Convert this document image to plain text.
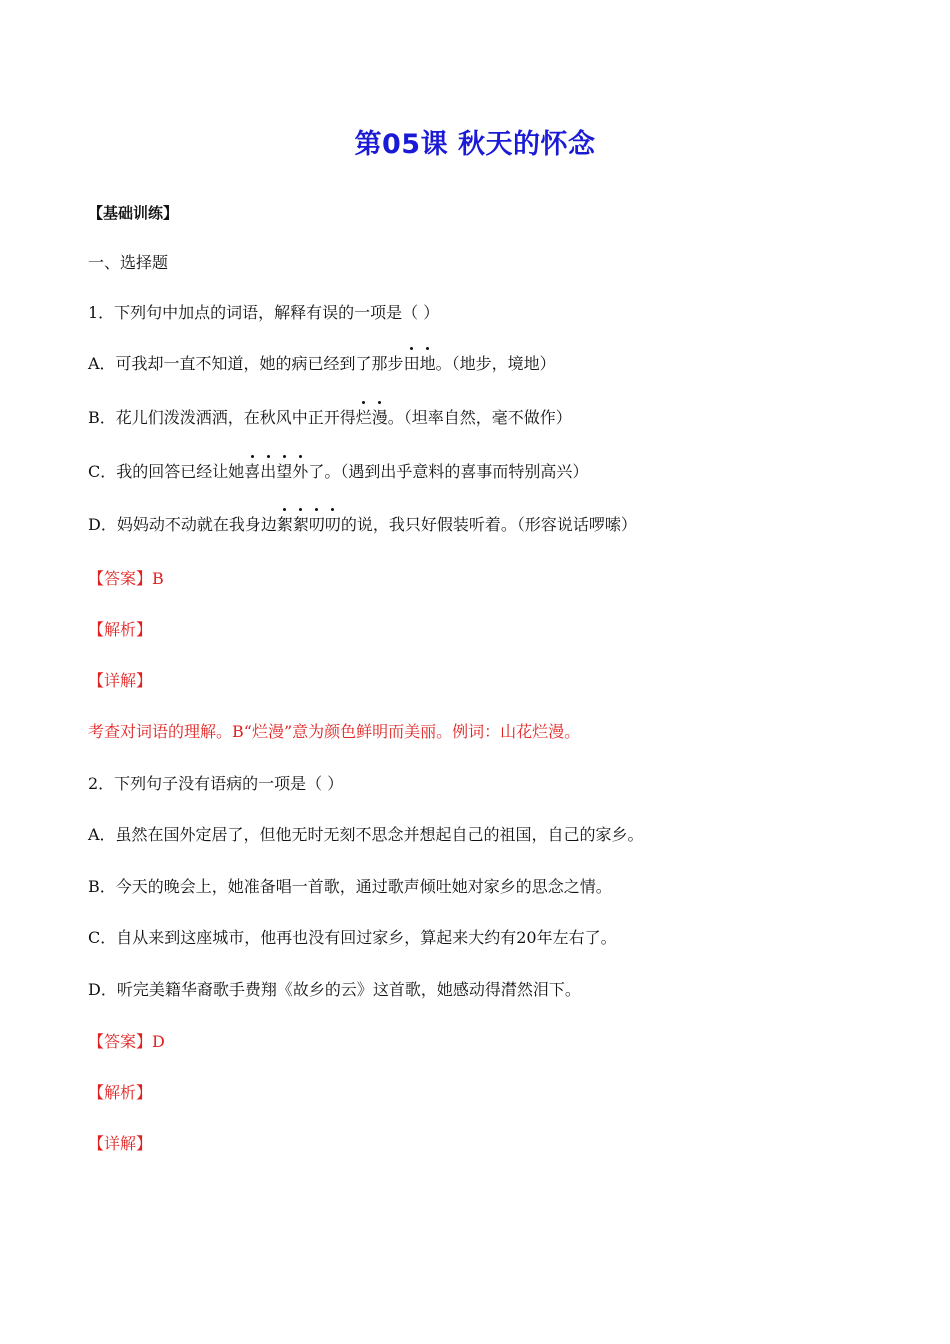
第05课 秋天的怀念
【基础训练】
一、选择题
1．下列句中加点的词语，解释有误的一项是（ ）
A．可我却一直不知道，她的病已经到了那步田地。（地步，境地）
B．花儿们泼泼洒洒，在秋风中正开得烂漫。（坦率自然，毫不做作）
C．我的回答已经让她喜出望外了。（遇到出乎意料的喜事而特别高兴）
D．妈妈动不动就在我身边絮絮叨叨的说，我只好假装听着。（形容说话啰嗦）
【答案】B
【解析】
【详解】
考查对词语的理解。B“烂漫”意为颜色鲜明而美丽。例词：山花烂漫。
2．下列句子没有语病的一项是（ ）
A．虽然在国外定居了，但他无时无刻不思念并想起自己的祖国，自己的家乡。
B．今天的晚会上，她准备唱一首歌，通过歌声倾吐她对家乡的思念之情。
C．自从来到这座城市，他再也没有回过家乡，算起来大约有20年左右了。
D．听完美籍华裔歌手费翔《故乡的云》这首歌，她感动得潸然泪下。
【答案】D
【解析】
【详解】
